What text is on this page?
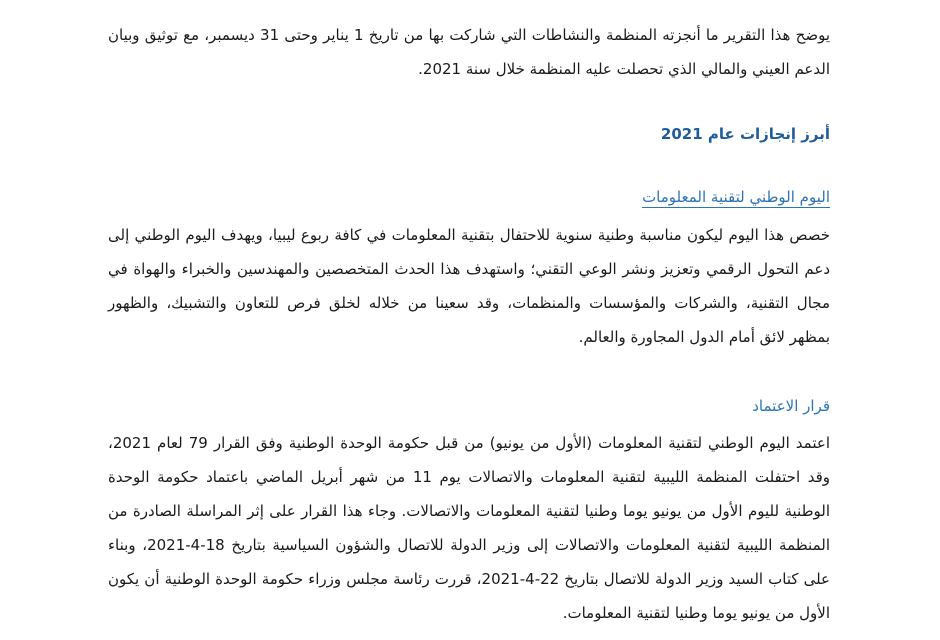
يوضح هذا التقرير ما أنجزته المنظمة والنشاطات التي شاركت بها من تاريخ 1 يناير وحتى 31 ديسمبر، مع توثيق وبيان الدعم العيني والمالي الذي تحصلت عليه المنظمة خلال سنة 2021.

أبرز إنجازات عام 2021
اليوم الوطني لتقنية المعلومات

خصص هذا اليوم ليكون مناسبة وطنية سنوية للاحتفال بتقنية المعلومات في كافة ربوع ليبيا، ويهدف اليوم الوطني إلى دعم التحول الرقمي وتعزيز ونشر الوعي التقني؛ واستهدف هذا الحدث المتخصصين والمهندسين والخبراء والهواة في مجال التقنية، والشركات والمؤسسات والمنظمات، وقد سعينا من خلاله لخلق فرص للتعاون والتشبيك، والظهور بمظهر لائق أمام الدول المجاورة والعالم.

قرار الاعتماد

اعتمد اليوم الوطني لتقنية المعلومات (الأول من يونيو) من قبل حكومة الوحدة الوطنية وفق القرار 79 لعام 2021، وقد احتفلت المنظمة الليبية لتقنية المعلومات والاتصالات يوم 11 من شهر أبريل الماضي باعتماد حكومة الوحدة الوطنية لليوم الأول من يونيو يوما وطنيا لتقنية المعلومات والاتصالات. وجاء هذا القرار على إثر المراسلة الصادرة من المنظمة الليبية لتقنية المعلومات والاتصالات إلى وزير الدولة للاتصال والشؤون السياسية بتاريخ 18-4-2021، وبناء على كتاب السيد وزير الدولة للاتصال بتاريخ 22-4-2021، قررت رئاسة مجلس وزراء حكومة الوحدة الوطنية أن يكون الأول من يونيو يوما وطنيا لتقنية المعلومات.
